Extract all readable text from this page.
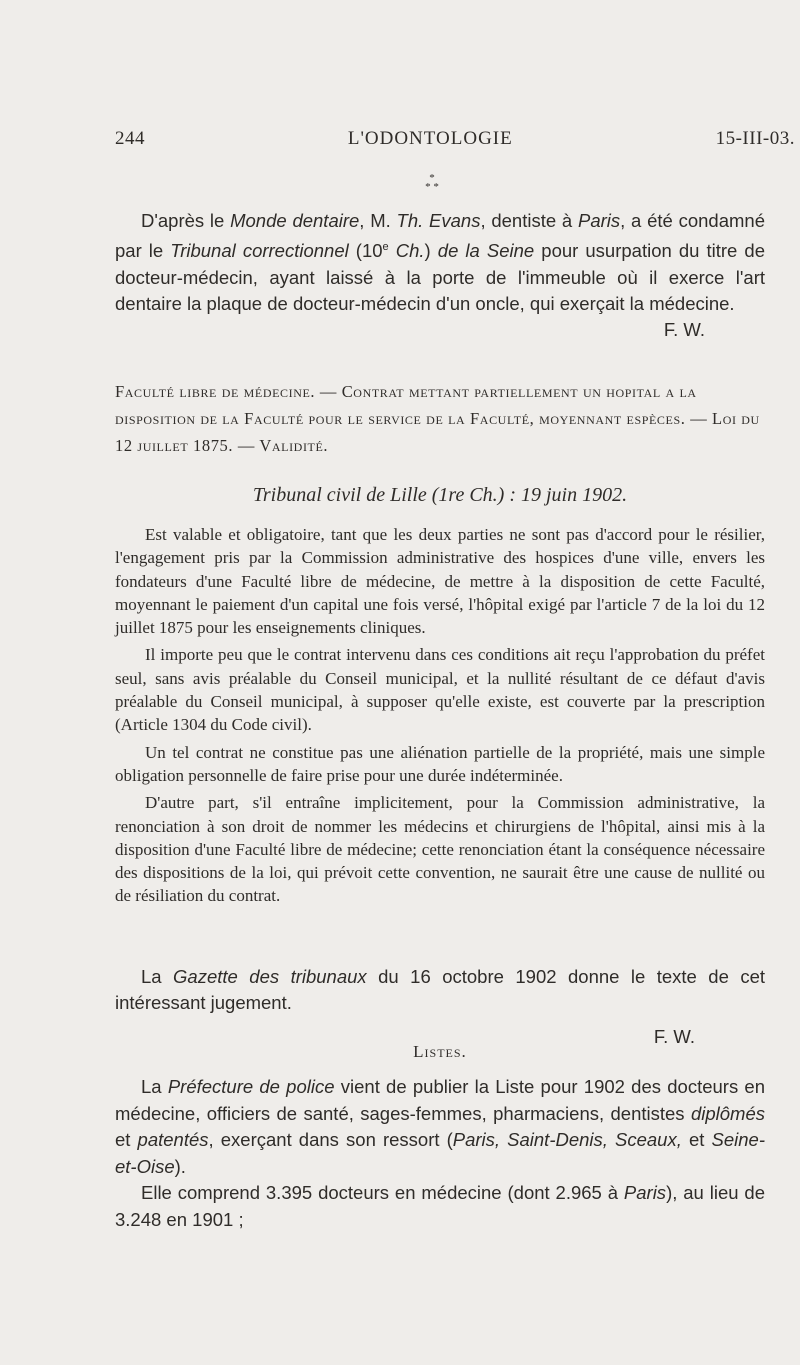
244	L'ODONTOLOGIE	15-III-03.
*
* *

D'après le Monde dentaire, M. Th. Evans, dentiste à Paris, a été condamné par le Tribunal correctionnel (10e Ch.) de la Seine pour usurpation du titre de docteur-médecin, ayant laissé à la porte de l'immeuble où il exerce l'art dentaire la plaque de docteur-médecin d'un oncle, qui exerçait la médecine.

F. W.

Faculté libre de médecine. — Contrat mettant partiellement un hopital a la disposition de la Faculté pour le service de la Faculté, moyennant espèces. — Loi du 12 juillet 1875. — Validité.

Tribunal civil de Lille (1re Ch.) : 19 juin 1902.

Est valable et obligatoire, tant que les deux parties ne sont pas d'accord pour le résilier, l'engagement pris par la Commission administrative des hospices d'une ville, envers les fondateurs d'une Faculté libre de médecine, de mettre à la disposition de cette Faculté, moyennant le paiement d'un capital une fois versé, l'hôpital exigé par l'article 7 de la loi du 12 juillet 1875 pour les enseignements cliniques.

Il importe peu que le contrat intervenu dans ces conditions ait reçu l'approbation du préfet seul, sans avis préalable du Conseil municipal, et la nullité résultant de ce défaut d'avis préalable du Conseil municipal, à supposer qu'elle existe, est couverte par la prescription (Article 1304 du Code civil).

Un tel contrat ne constitue pas une aliénation partielle de la propriété, mais une simple obligation personnelle de faire prise pour une durée indéterminée.

D'autre part, s'il entraîne implicitement, pour la Commission administrative, la renonciation à son droit de nommer les médecins et chirurgiens de l'hôpital, ainsi mis à la disposition d'une Faculté libre de médecine; cette renonciation étant la conséquence nécessaire des dispositions de la loi, qui prévoit cette convention, ne saurait être une cause de nullité ou de résiliation du contrat.

La Gazette des tribunaux du 16 octobre 1902 donne le texte de cet intéressant jugement.

F. W.
Listes.

La Préfecture de police vient de publier la Liste pour 1902 des docteurs en médecine, officiers de santé, sages-femmes, pharmaciens, dentistes diplômés et patentés, exerçant dans son ressort (Paris, Saint-Denis, Sceaux, et Seine-et-Oise).

Elle comprend 3.395 docteurs en médecine (dont 2.965 à Paris), au lieu de 3.248 en 1901 ;
